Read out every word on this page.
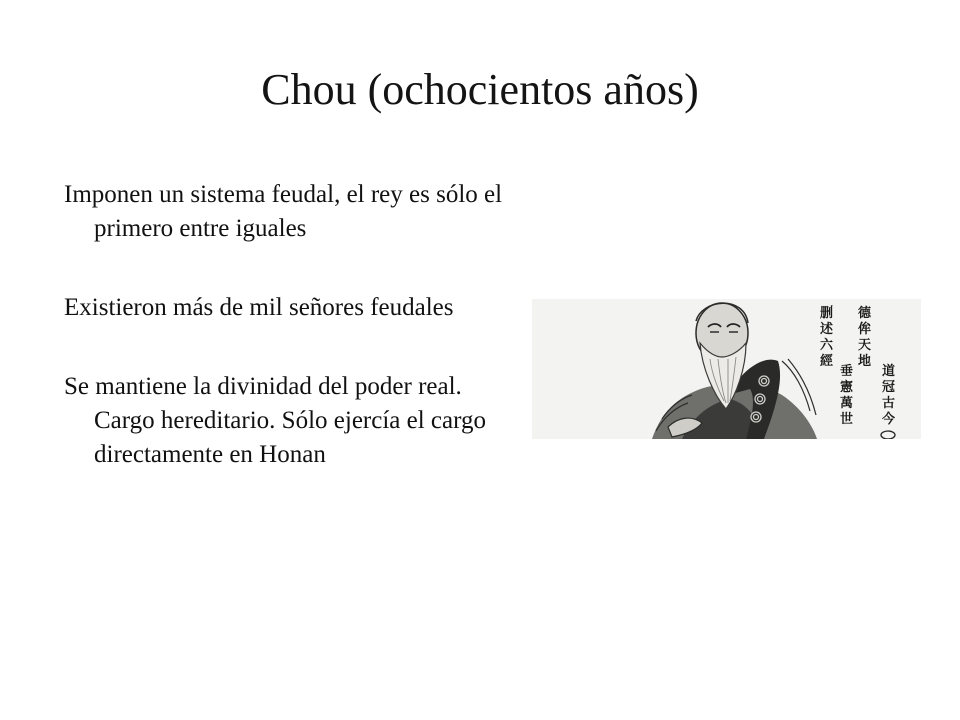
Chou (ochocientos años)
Imponen un sistema feudal, el rey es sólo el primero entre iguales
Existieron más de mil señores feudales
Se mantiene la divinidad del poder real. Cargo hereditario. Sólo ejercía el cargo directamente en Honan
德
侔
天
地
道
冠
古
今
删
述
六
經
垂
憲
萬
世
